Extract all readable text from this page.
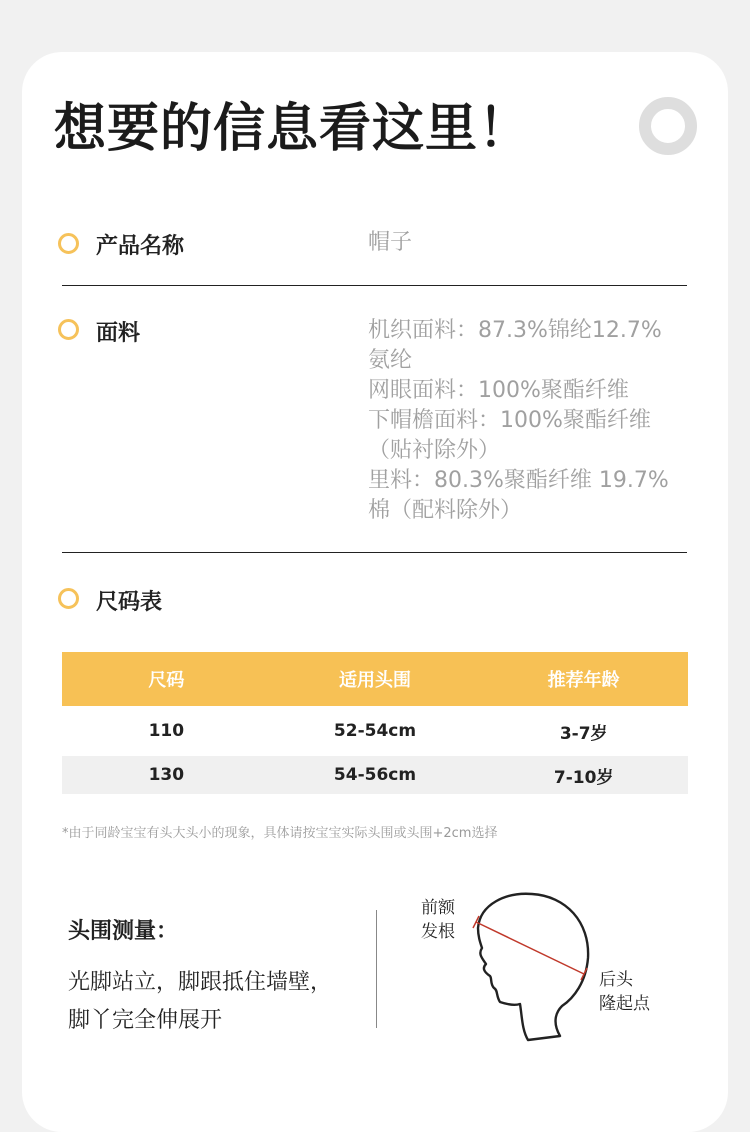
想要的信息看这里！
产品名称	帽子
面料	机织面料：87.3%锦纶12.7%
氨纶
网眼面料：100%聚酯纤维
下帽檐面料：100%聚酯纤维
（贴衬除外）
里料：80.3%聚酯纤维 19.7%
棉（配料除外）
尺码表
尺码	适用头围	推荐年龄
110	52-54cm	3-7岁
130	54-56cm	7-10岁
*由于同龄宝宝有头大头小的现象，具体请按宝宝实际头围或头围+2cm选择
头围测量：
光脚站立，脚跟抵住墙壁，
脚丫完全伸展开
前额
发根
后头
隆起点
